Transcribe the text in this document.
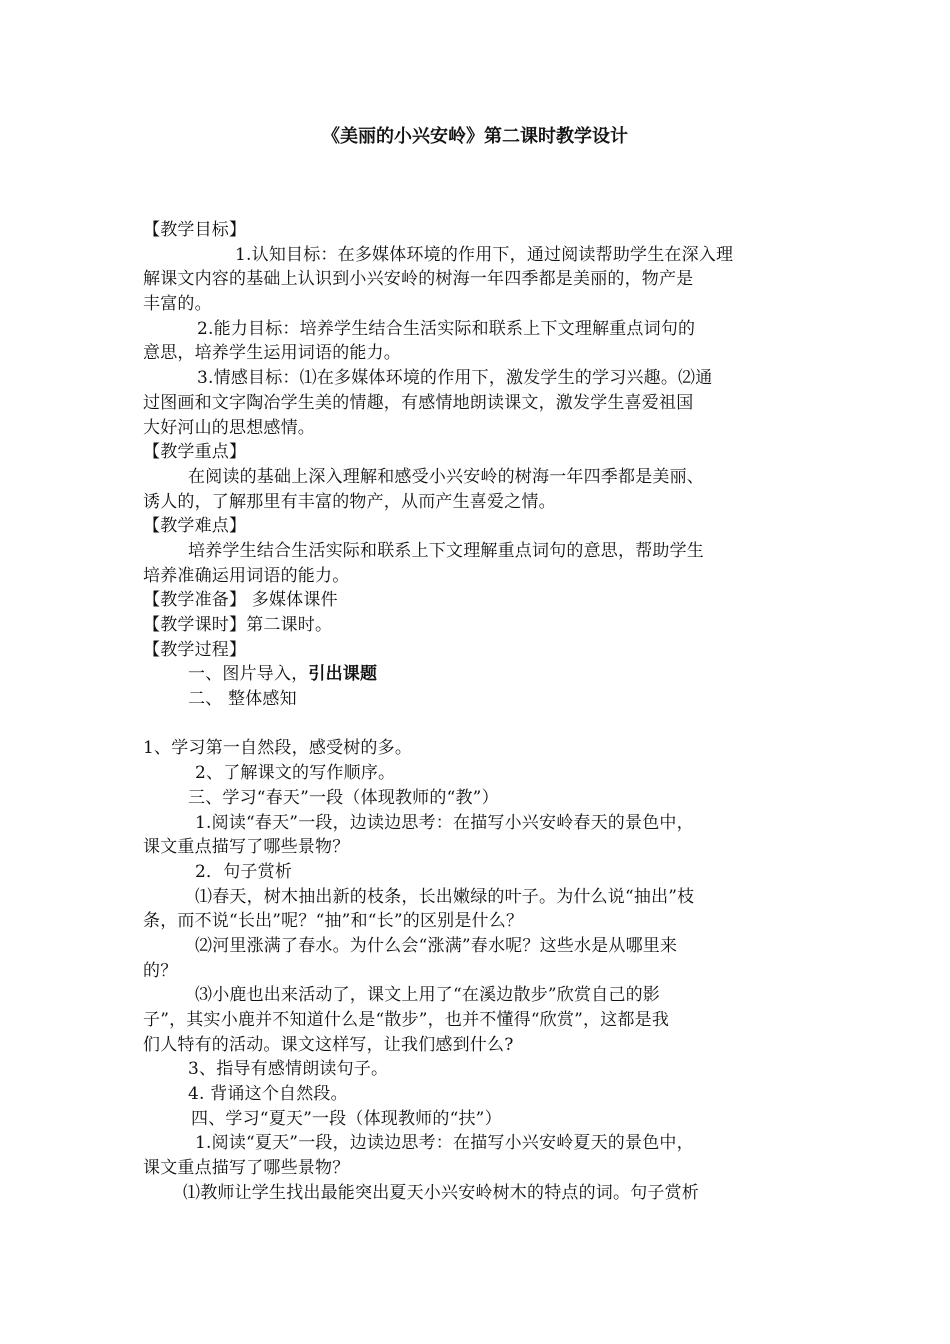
《美丽的小兴安岭》第二课时教学设计
【教学目标】
1.认知目标：在多媒体环境的作用下，通过阅读帮助学生在深入理
解课文内容的基础上认识到小兴安岭的树海一年四季都是美丽的，物产是
丰富的。
2.能力目标：培养学生结合生活实际和联系上下文理解重点词句的
意思，培养学生运用词语的能力。
3.情感目标：⑴在多媒体环境的作用下，激发学生的学习兴趣。⑵通
过图画和文字陶冶学生美的情趣，有感情地朗读课文，激发学生喜爱祖国
大好河山的思想感情。
【教学重点】
在阅读的基础上深入理解和感受小兴安岭的树海一年四季都是美丽、
诱人的，了解那里有丰富的物产，从而产生喜爱之情。
【教学难点】
培养学生结合生活实际和联系上下文理解重点词句的意思，帮助学生
培养准确运用词语的能力。
【教学准备】 多媒体课件
【教学课时】第二课时。
【教学过程】
一、图片导入，引出课题
二、 整体感知
1、学习第一自然段，感受树的多。
2、了解课文的写作顺序。
三、学习“春天”一段（体现教师的“教”）
1.阅读“春天”一段，边读边思考：在描写小兴安岭春天的景色中，
课文重点描写了哪些景物？
2．句子赏析
⑴春天，树木抽出新的枝条，长出嫩绿的叶子。为什么说“抽出”枝
条，而不说“长出”呢？“抽”和“长”的区别是什么？
⑵河里涨满了春水。为什么会“涨满”春水呢？这些水是从哪里来
的？
⑶小鹿也出来活动了，课文上用了“在溪边散步”欣赏自己的影
子”，其实小鹿并不知道什么是“散步”，也并不懂得“欣赏”，这都是我
们人特有的活动。课文这样写，让我们感到什么?
3、指导有感情朗读句子。
4. 背诵这个自然段。
四、学习“夏天”一段（体现教师的“扶”）
1.阅读“夏天”一段，边读边思考：在描写小兴安岭夏天的景色中，
课文重点描写了哪些景物？
⑴教师让学生找出最能突出夏天小兴安岭树木的特点的词。句子赏析
